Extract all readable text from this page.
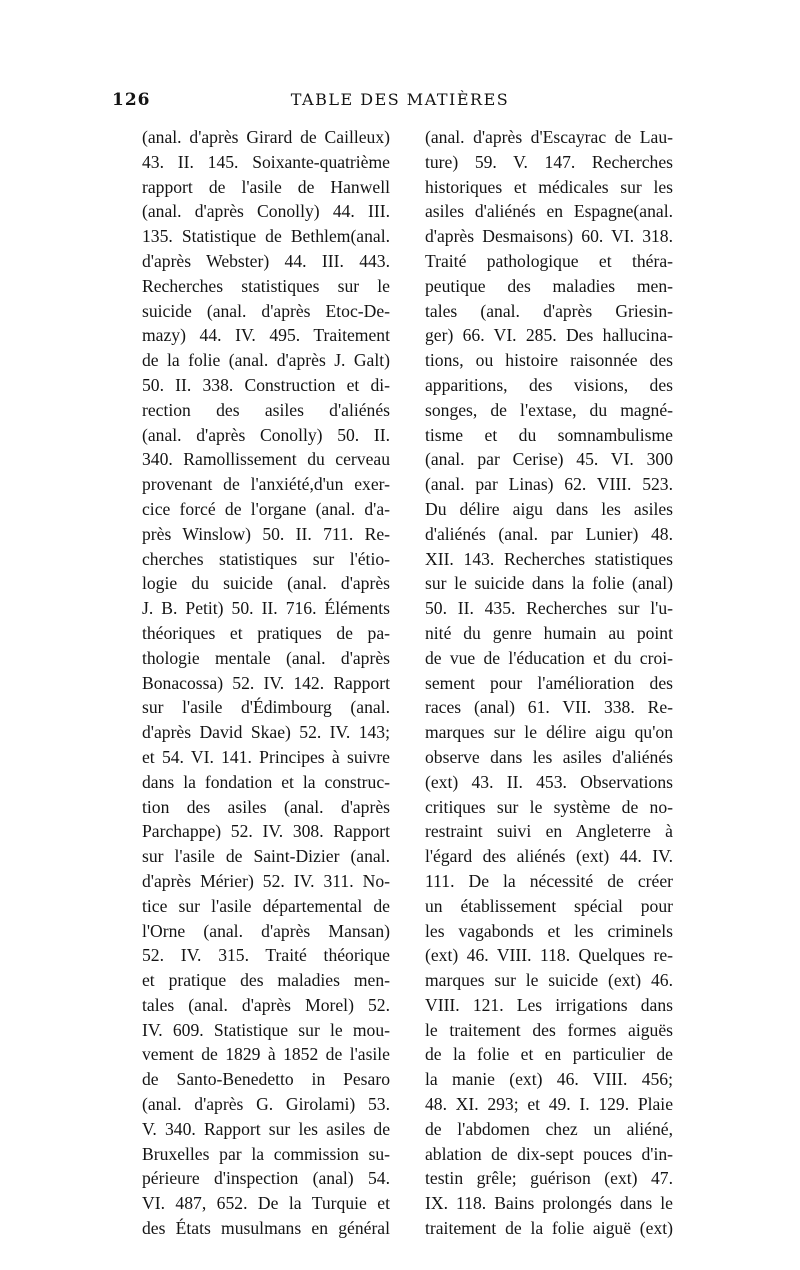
126	TABLE DES MATIÈRES
(anal. d'après Girard de Cailleux)
43. II. 145. Soixante-quatrième
rapport de l'asile de Hanwell
(anal. d'après Conolly) 44. III.
135. Statistique de Bethlem(anal.
d'après Webster) 44. III. 443.
Recherches statistiques sur le
suicide (anal. d'après Etoc-De-
mazy) 44. IV. 495. Traitement
de la folie (anal. d'après J. Galt)
50. II. 338. Construction et di-
rection des asiles d'aliénés
(anal. d'après Conolly) 50. II.
340. Ramollissement du cerveau
provenant de l'anxiété,d'un exer-
cice forcé de l'organe (anal. d'a-
près Winslow) 50. II. 711. Re-
cherches statistiques sur l'étio-
logie du suicide (anal. d'après
J. B. Petit) 50. II. 716. Éléments
théoriques et pratiques de pa-
thologie mentale (anal. d'après
Bonacossa) 52. IV. 142. Rapport
sur l'asile d'Édimbourg (anal.
d'après David Skae) 52. IV. 143;
et 54. VI. 141. Principes à suivre
dans la fondation et la construc-
tion des asiles (anal. d'après
Parchappe) 52. IV. 308. Rapport
sur l'asile de Saint-Dizier (anal.
d'après Mérier) 52. IV. 311. No-
tice sur l'asile départemental de
l'Orne (anal. d'après Mansan)
52. IV. 315. Traité théorique
et pratique des maladies men-
tales (anal. d'après Morel) 52.
IV. 609. Statistique sur le mou-
vement de 1829 à 1852 de l'asile
de Santo-Benedetto in Pesaro
(anal. d'après G. Girolami) 53.
V. 340. Rapport sur les asiles de
Bruxelles par la commission su-
périeure d'inspection (anal) 54.
VI. 487, 652. De la Turquie et
des États musulmans en général
(anal. d'après d'Escayrac de Lau-
ture) 59. V. 147. Recherches
historiques et médicales sur les
asiles d'aliénés en Espagne(anal.
d'après Desmaisons) 60. VI. 318.
Traité pathologique et théra-
peutique des maladies men-
tales (anal. d'après Griesin-
ger) 66. VI. 285. Des hallucina-
tions, ou histoire raisonnée des
apparitions, des visions, des
songes, de l'extase, du magné-
tisme et du somnambulisme
(anal. par Cerise) 45. VI. 300
(anal. par Linas) 62. VIII. 523.
Du délire aigu dans les asiles
d'aliénés (anal. par Lunier) 48.
XII. 143. Recherches statistiques
sur le suicide dans la folie (anal)
50. II. 435. Recherches sur l'u-
nité du genre humain au point
de vue de l'éducation et du croi-
sement pour l'amélioration des
races (anal) 61. VII. 338. Re-
marques sur le délire aigu qu'on
observe dans les asiles d'aliénés
(ext) 43. II. 453. Observations
critiques sur le système de no-
restraint suivi en Angleterre à
l'égard des aliénés (ext) 44. IV.
111. De la nécessité de créer
un établissement spécial pour
les vagabonds et les criminels
(ext) 46. VIII. 118. Quelques re-
marques sur le suicide (ext) 46.
VIII. 121. Les irrigations dans
le traitement des formes aiguës
de la folie et en particulier de
la manie (ext) 46. VIII. 456;
48. XI. 293; et 49. I. 129. Plaie
de l'abdomen chez un aliéné,
ablation de dix-sept pouces d'in-
testin grêle; guérison (ext) 47.
IX. 118. Bains prolongés dans le
traitement de la folie aiguë (ext)
